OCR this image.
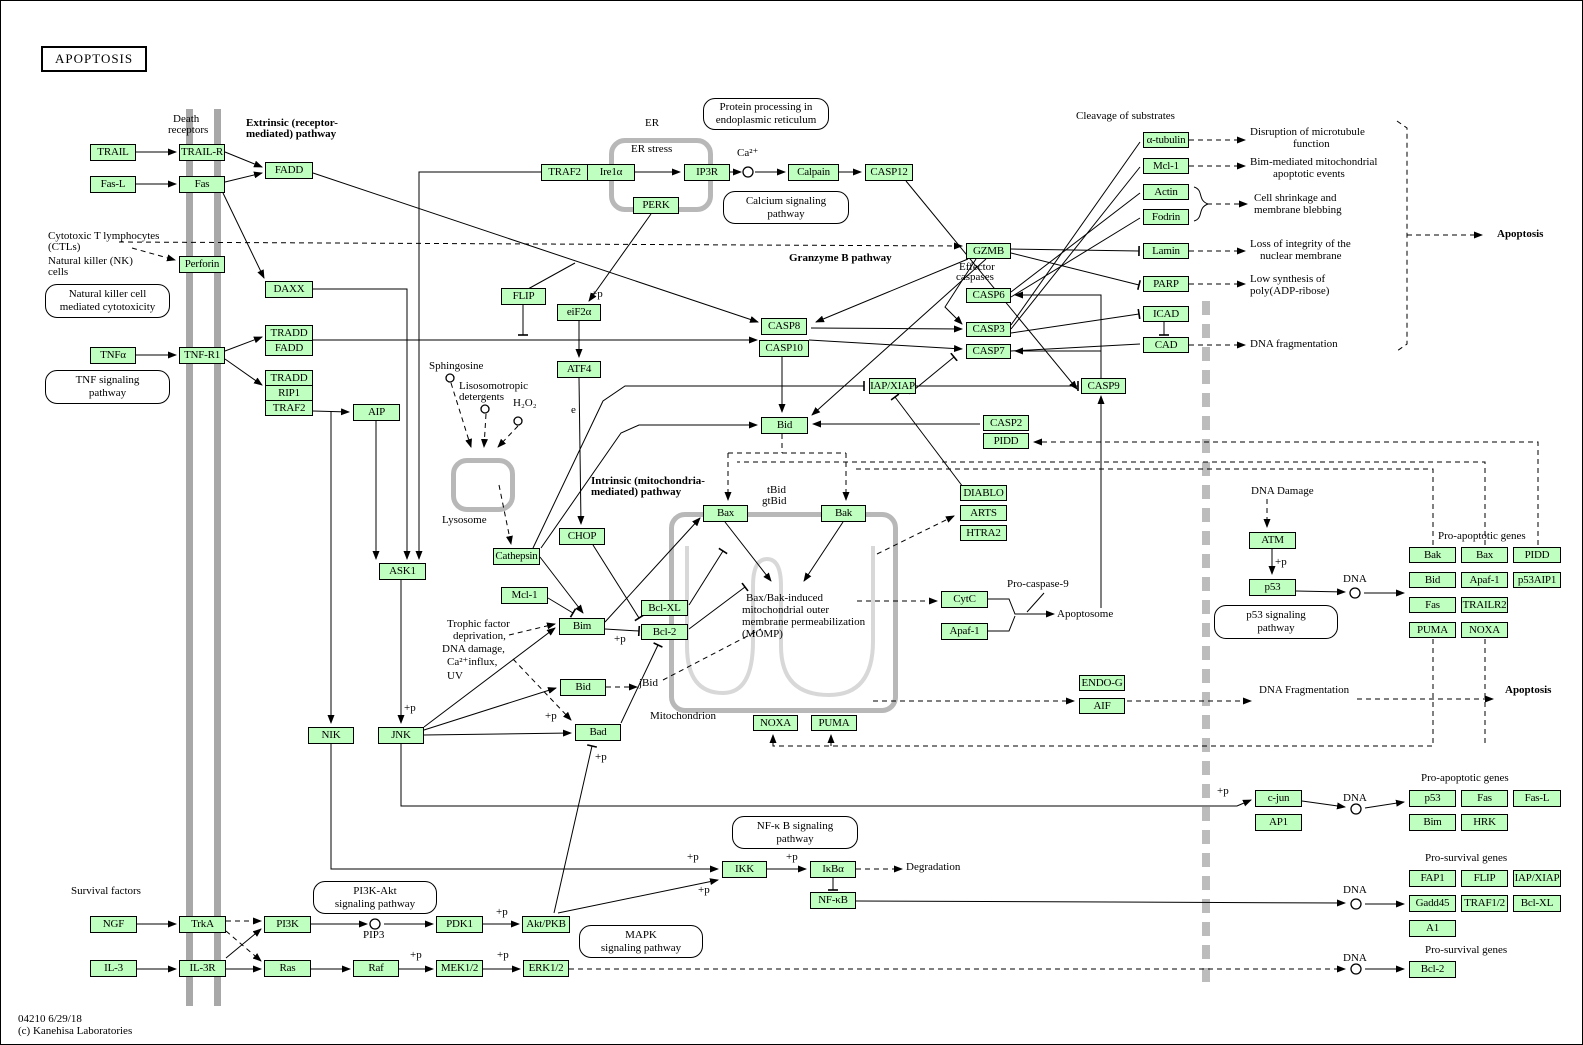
APOPTOSIS
TRAIL	TRAIL-R
Fas-L	Fas
Perforin
TNFα	TNF-R1
FADD
DAXX
TRADD
FADD
TRADD
RIP1
TRAF2	AIP
TRAF2	Ire1α	IP3R	Calpain	CASP12
PERK
FLIP
eiF2α
ATF4
CASP8
CASP10
GZMB
CASP6
CASP3
CASP7
α-tubulin
Mcl-1
Actin
Fodrin
Lamin
PARP
ICAD
CAD
IAP/XIAP	CASP9
CASP2
PIDD
Bid
Cathepsin
CHOP
Mcl-1
Bim
Bid
Bad
NIK	JNK
ASK1
Bcl-XL
Bcl-2
Bax	Bak
NOXA	PUMA
DIABLO
ARTS
HTRA2
CytC
Apaf-1
ENDO-G
AIF
ATM
p53
Bak	Bax	PIDD
Bid	Apaf-1	p53AIP1
Fas	TRAILR2
PUMA	NOXA
c-jun
AP1
p53	Fas	Fas-L
Bim	HRK
FAP1	FLIP	IAP/XIAP
Gadd45	TRAF1/2	Bcl-XL
A1
Bcl-2
NGF	TrkA
IL-3	IL-3R
PI3K
Ras	Raf	MEK1/2	ERK1/2
PDK1	Akt/PKB
IKK	IκBα
NF-κB
Natural killer cell
mediated cytotoxicity
TNF signaling
pathway
Protein processing in
endoplasmic reticulum
Calcium signaling
pathway
p53 signaling
pathway
PI3K-Akt
signaling pathway
NF-κ B signaling
pathway
MAPK
signaling pathway
Death
receptors
Extrinsic (receptor-
mediated) pathway
Cytotoxic T lymphocytes
(CTLs)
Natural killer (NK)
cells
ER
ER stress	Ca²⁺
Granzyme B pathway
Effector
caspases
Cleavage of substrates
Disruption of microtubule
function
Bim-mediated mitochondrial
apoptotic events
Cell shrinkage and
membrane blebbing
Loss of integrity of the
nuclear membrane
Low synthesis of
poly(ADP-ribose)
DNA fragmentation
Apoptosis
Sphingosine
Lisosomotropic
detergents H₂O₂
Lysosome
Intrinsic (mitochondria-
mediated) pathway	tBid
gtBid
Trophic factor
deprivation,
DNA damage,
Ca²⁺influx,
UV
Bax/Bak-induced
mitochondrial outer
membrane permeabilization
(MOMP)
Mitochondrion
jBid
Pro-caspase-9
Apoptosome
DNA Damage
DNA
Pro-apoptotic genes
DNA Fragmentation	Apoptosis
Pro-apoptotic genes
DNA
Pro-survival genes
DNA
Pro-survival genes
DNA
Survival factors
PIP3
Degradation
e
+p
+p
+p
+p
+p
+p
+p
+p
+p
+p
+p
+p	+p
04210 6/29/18
(c) Kanehisa Laboratories
